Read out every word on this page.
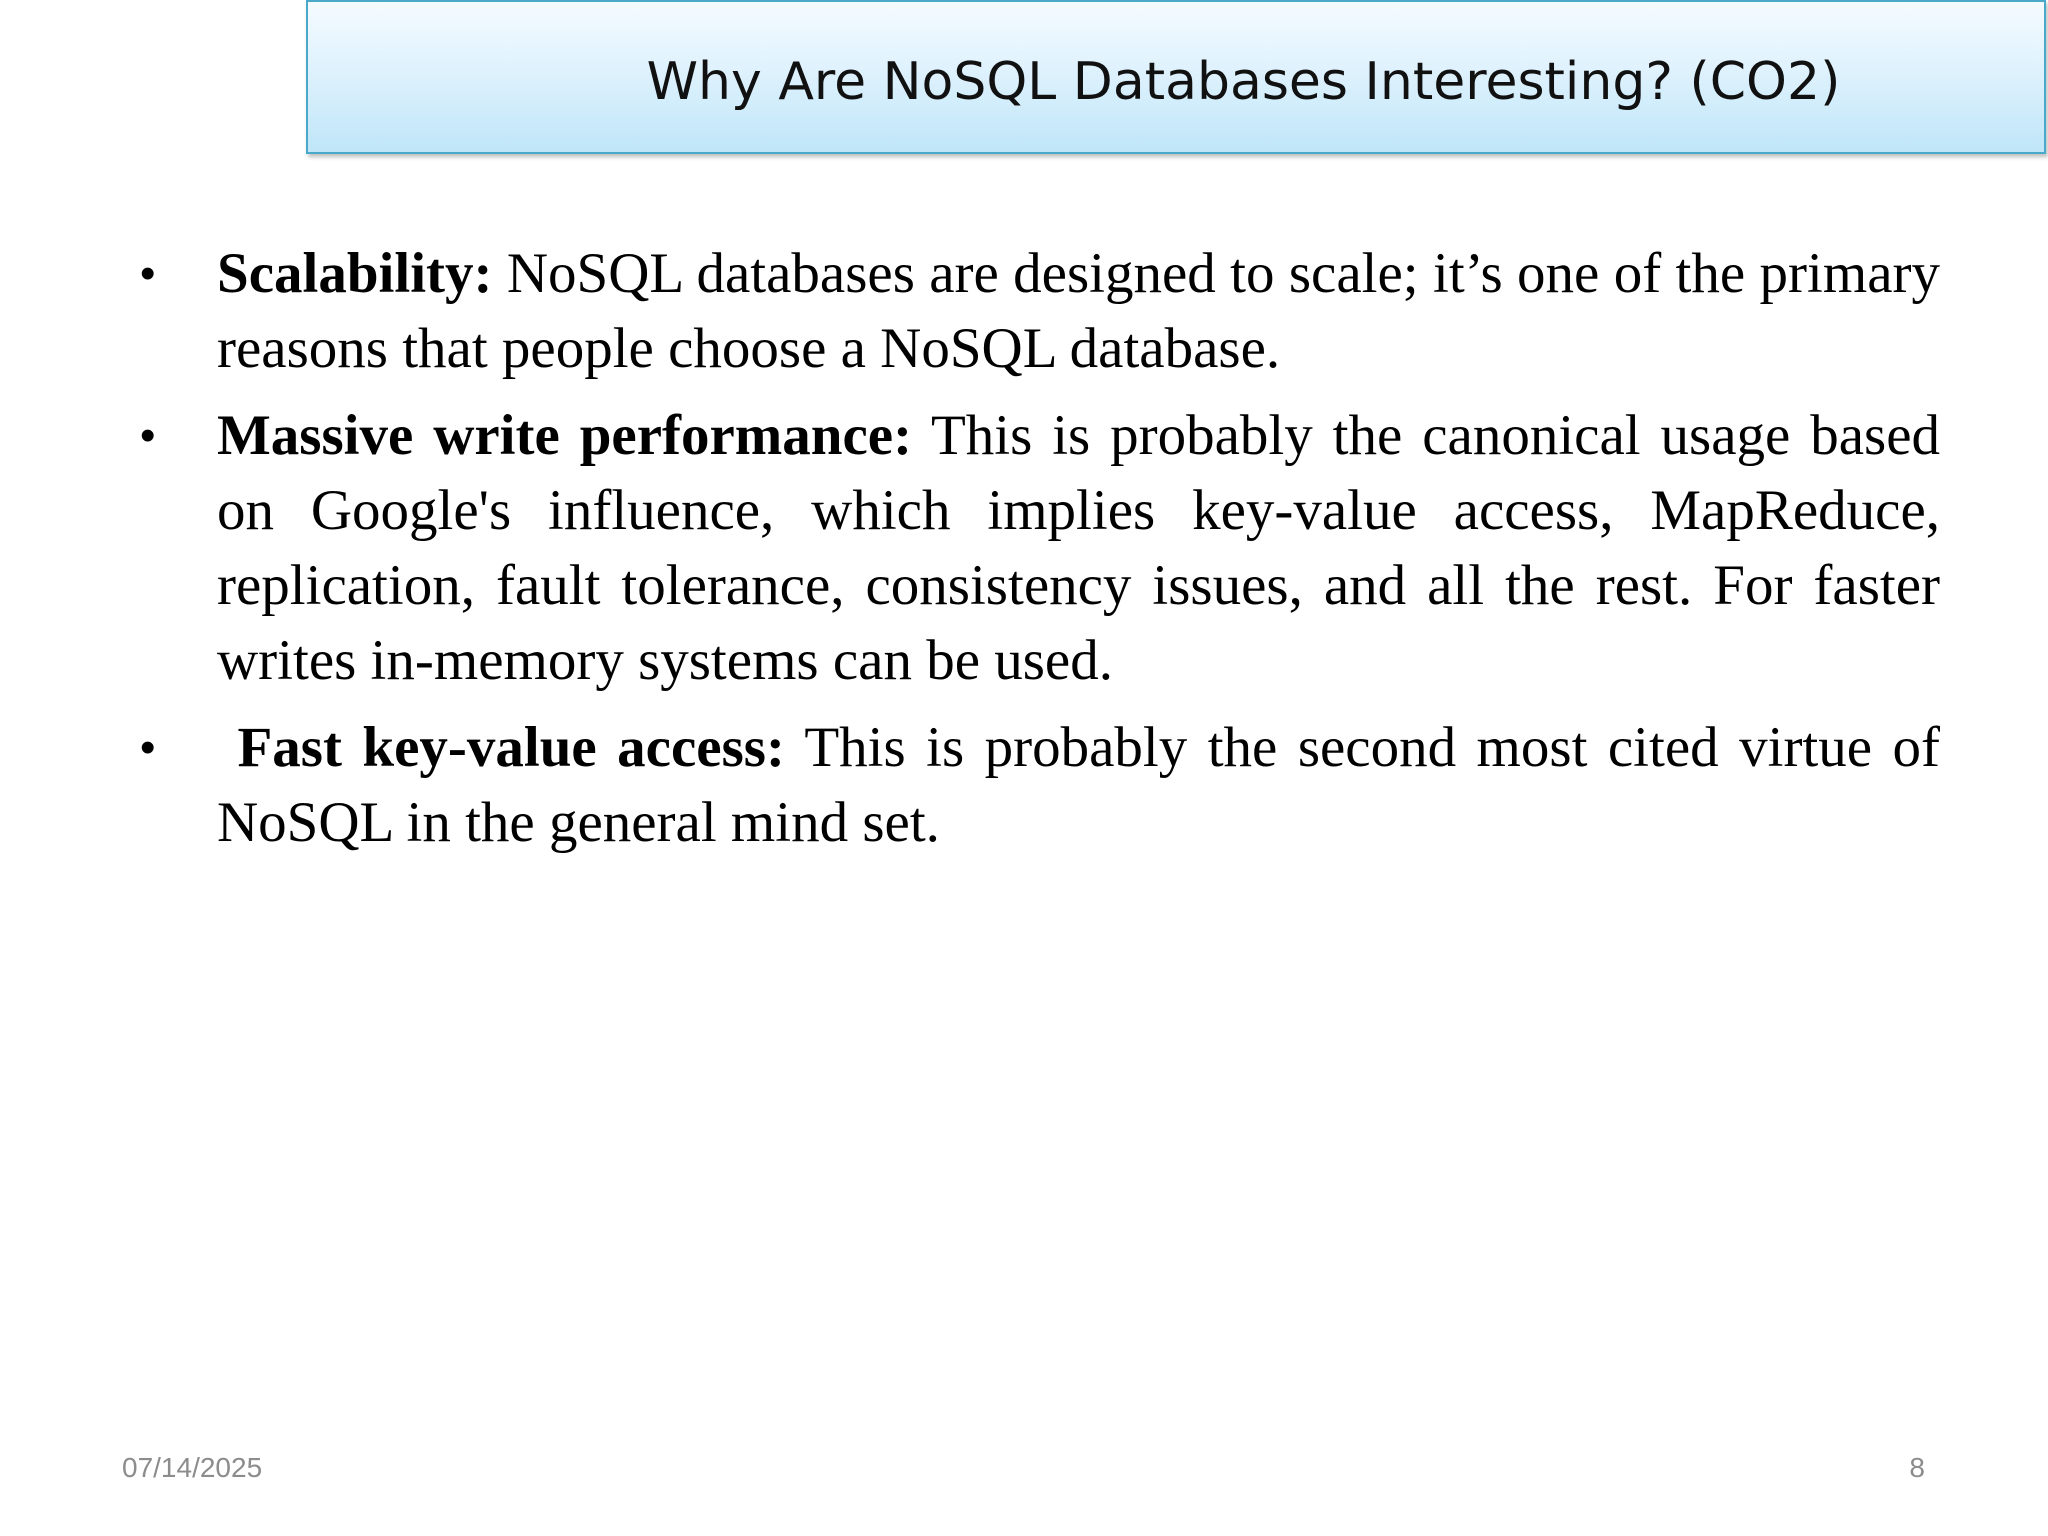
Why Are NoSQL Databases Interesting? (CO2)
• Scalability: NoSQL databases are designed to scale; it’s one of the primary reasons that people choose a NoSQL database.
• Massive write performance: This is probably the canonical usage based on Google's influence, which implies key-value access, MapReduce, replication, fault tolerance, consistency issues, and all the rest. For faster writes in-memory systems can be used.
• Fast key-value access: This is probably the second most cited virtue of NoSQL in the general mind set.
07/14/2025	8
